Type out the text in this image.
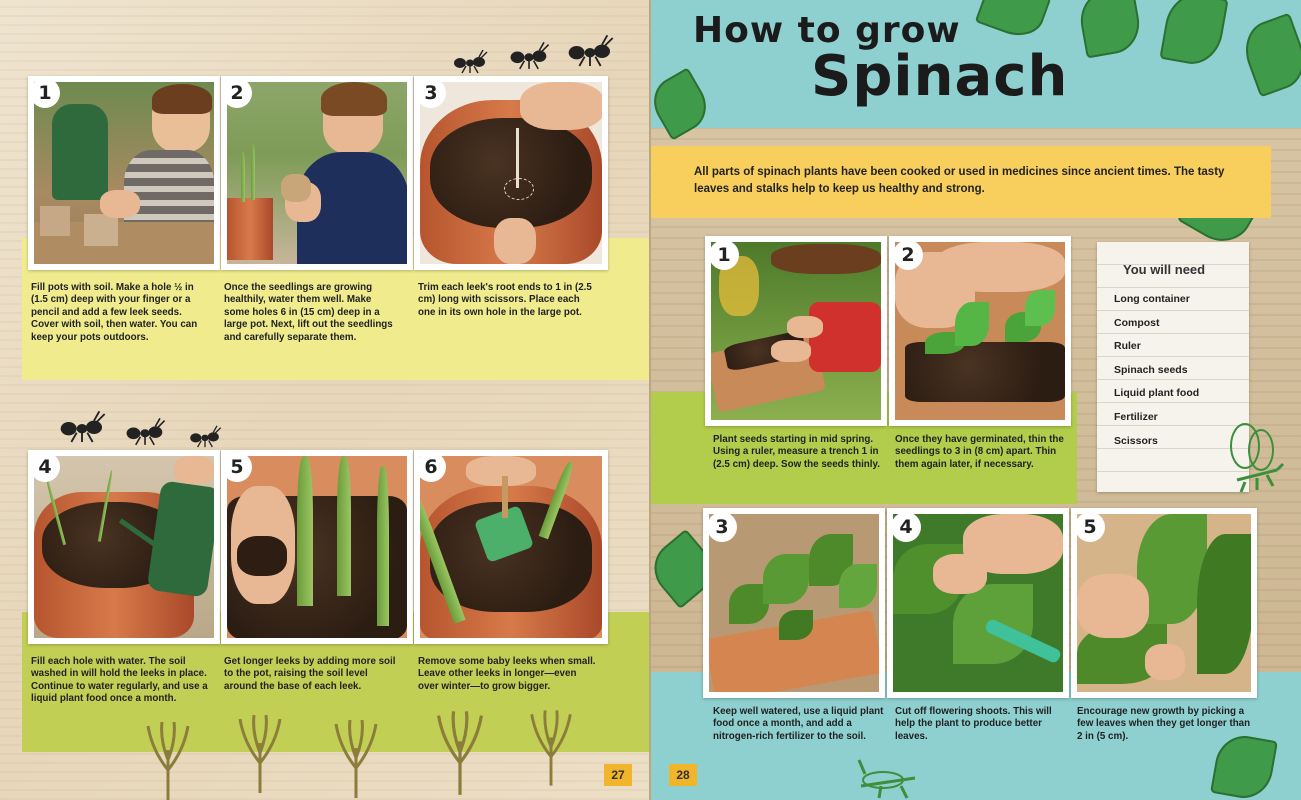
1	2	3
Fill pots with soil. Make a hole ½ in (1.5 cm) deep with your finger or a pencil and add a few leek seeds. Cover with soil, then water. You can keep your pots outdoors.
Once the seedlings are growing healthily, water them well. Make some holes 6 in (15 cm) deep in a large pot. Next, lift out the seedlings and carefully separate them.
Trim each leek's root ends to 1 in (2.5 cm) long with scissors. Place each one in its own hole in the large pot.
4	5	6
Fill each hole with water. The soil washed in will hold the leeks in place. Continue to water regularly, and use a liquid plant food once a month.
Get longer leeks by adding more soil to the pot, raising the soil level around the base of each leek.
Remove some baby leeks when small. Leave other leeks in longer—even over winter—to grow bigger.
27
How to grow
Spinach
All parts of spinach plants have been cooked or used in medicines since ancient times. The tasty leaves and stalks help to keep us healthy and strong.
1	2
Plant seeds starting in mid spring. Using a ruler, measure a trench 1 in (2.5 cm) deep. Sow the seeds thinly.
Once they have germinated, thin the seedlings to 3 in (8 cm) apart. Thin them again later, if necessary.
You will need
Long container
Compost
Ruler
Spinach seeds
Liquid plant food
Fertilizer
Scissors
3	4	5
Keep well watered, use a liquid plant food once a month, and add a nitrogen-rich fertilizer to the soil.
Cut off flowering shoots. This will help the plant to produce better leaves.
Encourage new growth by picking a few leaves when they get longer than 2 in (5 cm).
28
